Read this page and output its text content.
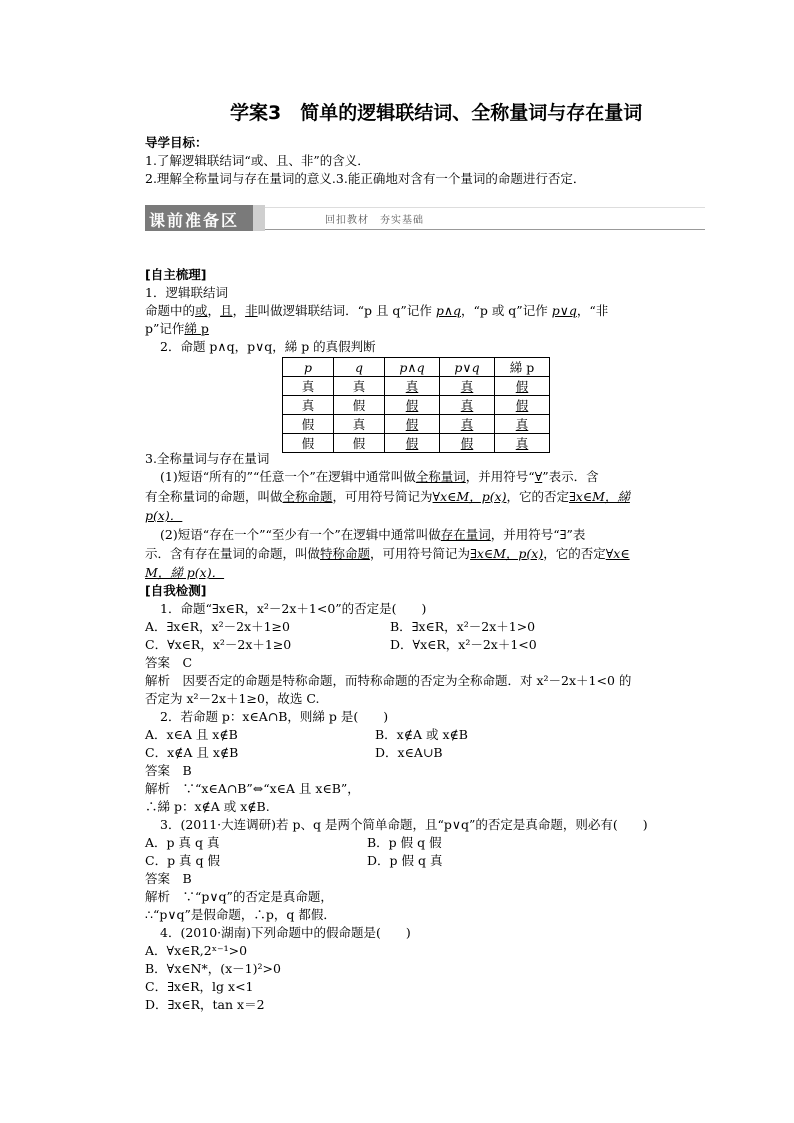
学案3　简单的逻辑联结词、全称量词与存在量词
导学目标：
1.了解逻辑联结词“或、且、非”的含义．
2.理解全称量词与存在量词的意义.3.能正确地对含有一个量词的命题进行否定．
课前准备区	回扣教材　夯实基础
[自主梳理]
1．逻辑联结词
命题中的或，且，非叫做逻辑联结词．“p 且 q”记作 p∧q，“p 或 q”记作 p∨q，“非
p”记作綈 p
2．命题 p∧q，p∨q，綈 p 的真假判断
p	q	p∧q	p∨q	綈 p
真	真	真	真	假
真	假	假	真	假
假	真	假	真	真
假	假	假	假	真
3.全称量词与存在量词
(1)短语“所有的”“任意一个”在逻辑中通常叫做全称量词，并用符号“∀”表示．含
有全称量词的命题，叫做全称命题，可用符号简记为∀x∈M，p(x)，它的否定∃x∈M，綈
p(x)．
(2)短语“存在一个”“至少有一个”在逻辑中通常叫做存在量词，并用符号“∃”表
示．含有存在量词的命题，叫做特称命题，可用符号简记为∃x∈M，p(x)，它的否定∀x∈
M，綈 p(x)．
[自我检测]
1．命题“∃x∈R，x²－2x＋1<0”的否定是(　　)
A．∃x∈R，x²－2x＋1≥0	B．∃x∈R，x²－2x＋1>0
C．∀x∈R，x²－2x＋1≥0	D．∀x∈R，x²－2x＋1<0
答案　C
解析　因要否定的命题是特称命题，而特称命题的否定为全称命题．对 x²－2x＋1<0 的
否定为 x²－2x＋1≥0，故选 C.
2．若命题 p：x∈A∩B，则綈 p 是(　　)
A．x∈A 且 x∉B	B．x∉A 或 x∉B
C．x∉A 且 x∉B	D．x∈A∪B
答案　B
解析　∵“x∈A∩B”⇔“x∈A 且 x∈B”，
∴綈 p：x∉A 或 x∉B.
3．(2011·大连调研)若 p、q 是两个简单命题，且“p∨q”的否定是真命题，则必有(　　)
A．p 真 q 真	B．p 假 q 假
C．p 真 q 假	D．p 假 q 真
答案　B
解析　∵“p∨q”的否定是真命题，
∴“p∨q”是假命题，∴p，q 都假．
4．(2010·湖南)下列命题中的假命题是(　　)
A．∀x∈R,2ˣ⁻¹>0
B．∀x∈N*，(x－1)²>0
C．∃x∈R，lg x<1
D．∃x∈R，tan x＝2
